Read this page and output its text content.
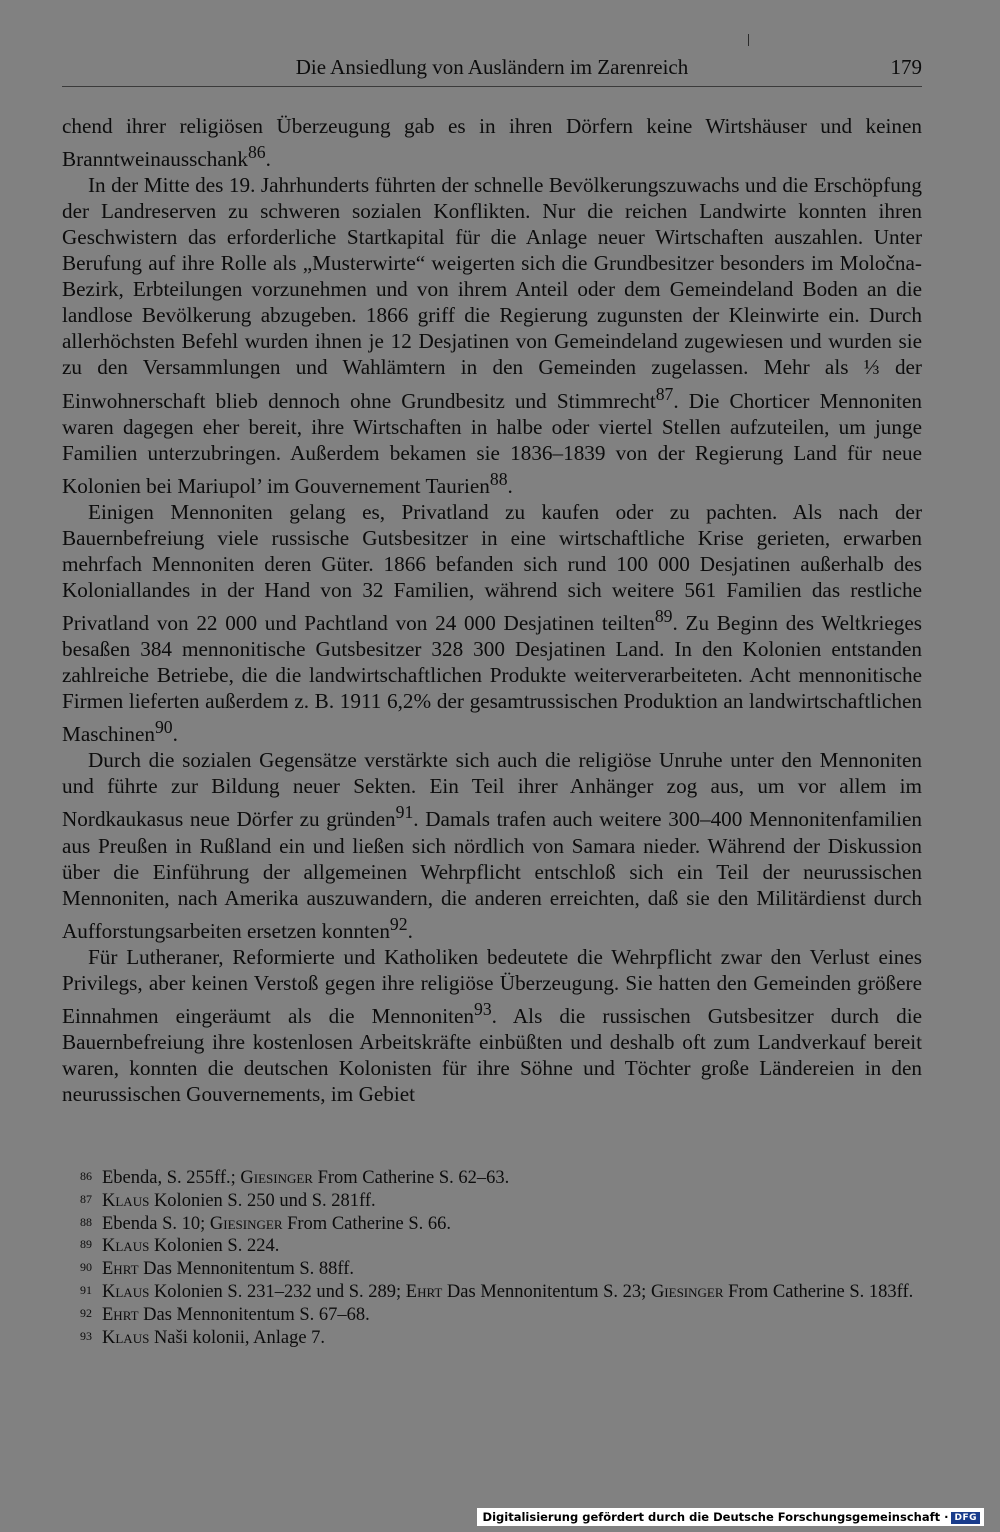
Die Ansiedlung von Ausländern im Zarenreich	179

chend ihrer religiösen Überzeugung gab es in ihren Dörfern keine Wirtshäuser und keinen Branntweinausschank$^{86}$.

In der Mitte des 19. Jahrhunderts führten der schnelle Bevölkerungszuwachs und die Erschöpfung der Landreserven zu schweren sozialen Konflikten. Nur die reichen Landwirte konnten ihren Geschwistern das erforderliche Startkapital für die Anlage neuer Wirtschaften auszahlen. Unter Berufung auf ihre Rolle als „Musterwirte“ weigerten sich die Grundbesitzer besonders im Moločna-Bezirk, Erbteilungen vorzunehmen und von ihrem Anteil oder dem Gemeindeland Boden an die landlose Bevölkerung abzugeben. 1866 griff die Regierung zugunsten der Kleinwirte ein. Durch allerhöchsten Befehl wurden ihnen je 12 Desjatinen von Gemeindeland zugewiesen und wurden sie zu den Versammlungen und Wahlämtern in den Gemeinden zugelassen. Mehr als ⅓ der Einwohnerschaft blieb dennoch ohne Grundbesitz und Stimmrecht$^{87}$. Die Chorticer Mennoniten waren dagegen eher bereit, ihre Wirtschaften in halbe oder viertel Stellen aufzuteilen, um junge Familien unterzubringen. Außerdem bekamen sie 1836–1839 von der Regierung Land für neue Kolonien bei Mariupol’ im Gouvernement Taurien$^{88}$.

Einigen Mennoniten gelang es, Privatland zu kaufen oder zu pachten. Als nach der Bauernbefreiung viele russische Gutsbesitzer in eine wirtschaftliche Krise gerieten, erwarben mehrfach Mennoniten deren Güter. 1866 befanden sich rund 100 000 Desjatinen außerhalb des Koloniallandes in der Hand von 32 Familien, während sich weitere 561 Familien das restliche Privatland von 22 000 und Pachtland von 24 000 Desjatinen teilten$^{89}$. Zu Beginn des Weltkrieges besaßen 384 mennonitische Gutsbesitzer 328 300 Desjatinen Land. In den Kolonien entstanden zahlreiche Betriebe, die die landwirtschaftlichen Produkte weiterverarbeiteten. Acht mennonitische Firmen lieferten außerdem z. B. 1911 6,2% der gesamtrussischen Produktion an landwirtschaftlichen Maschinen$^{90}$.

Durch die sozialen Gegensätze verstärkte sich auch die religiöse Unruhe unter den Mennoniten und führte zur Bildung neuer Sekten. Ein Teil ihrer Anhänger zog aus, um vor allem im Nordkaukasus neue Dörfer zu gründen$^{91}$. Damals trafen auch weitere 300–400 Mennonitenfamilien aus Preußen in Rußland ein und ließen sich nördlich von Samara nieder. Während der Diskussion über die Einführung der allgemeinen Wehrpflicht entschloß sich ein Teil der neurussischen Mennoniten, nach Amerika auszuwandern, die anderen erreichten, daß sie den Militärdienst durch Aufforstungsarbeiten ersetzen konnten$^{92}$.

Für Lutheraner, Reformierte und Katholiken bedeutete die Wehrpflicht zwar den Verlust eines Privilegs, aber keinen Verstoß gegen ihre religiöse Überzeugung. Sie hatten den Gemeinden größere Einnahmen eingeräumt als die Mennoniten$^{93}$. Als die russischen Gutsbesitzer durch die Bauernbefreiung ihre kostenlosen Arbeitskräfte einbüßten und deshalb oft zum Landverkauf bereit waren, konnten die deutschen Kolonisten für ihre Söhne und Töchter große Ländereien in den neurussischen Gouvernements, im Gebiet

86 Ebenda, S. 255ff.; Giesinger From Catherine S. 62–63.

87 Klaus Kolonien S. 250 und S. 281ff.

88 Ebenda S. 10; Giesinger From Catherine S. 66.

89 Klaus Kolonien S. 224.

90 Ehrt Das Mennonitentum S. 88ff.

91 Klaus Kolonien S. 231–232 und S. 289; Ehrt Das Mennonitentum S. 23; Giesinger From Catherine S. 183ff.

92 Ehrt Das Mennonitentum S. 67–68.

93 Klaus Naši kolonii, Anlage 7.

Digitalisierung gefördert durch die Deutsche Forschungsgemeinschaft · DFG
